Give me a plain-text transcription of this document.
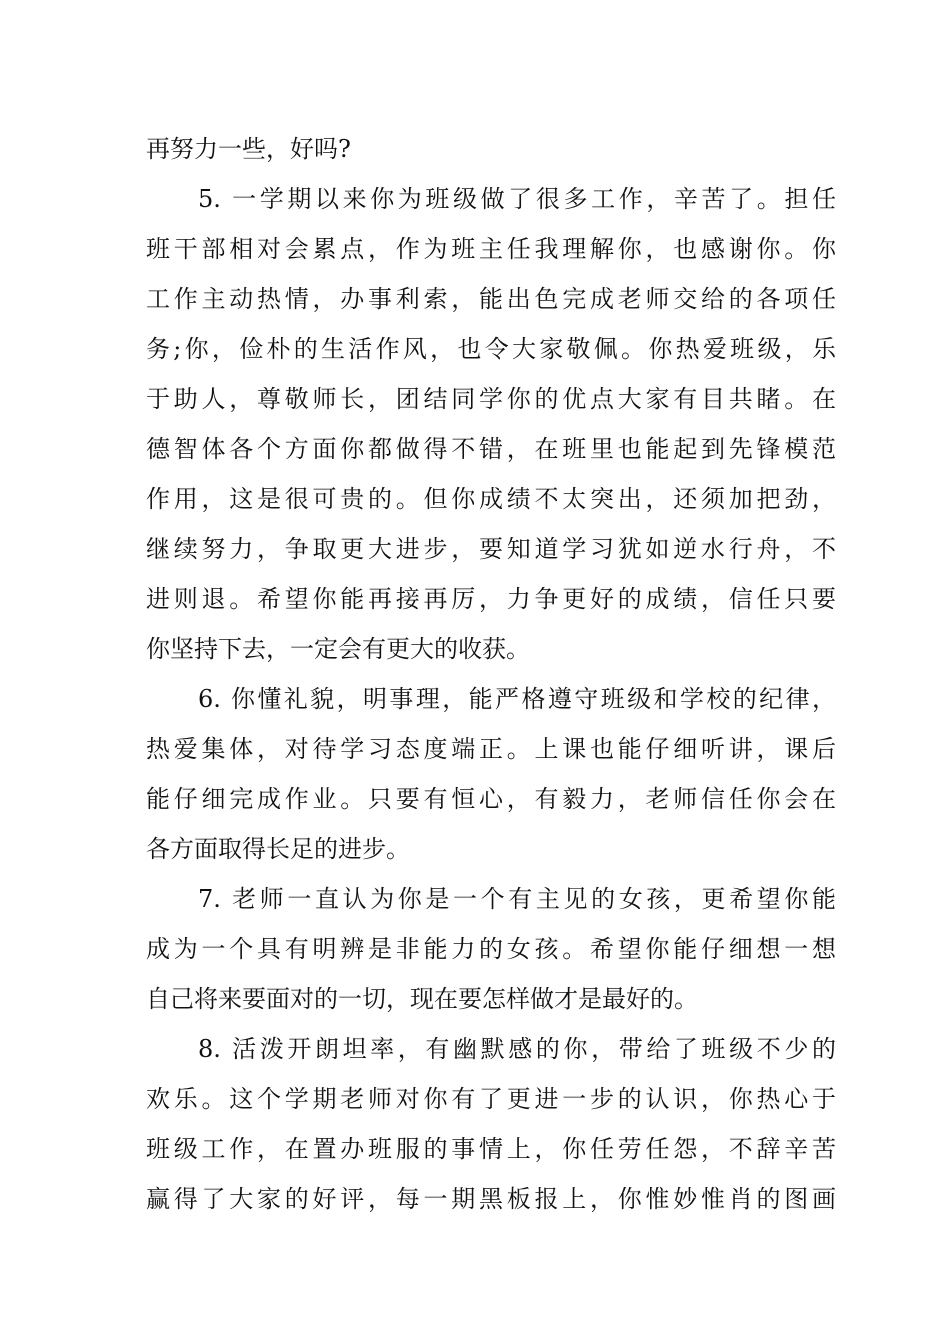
再努力一些，好吗?
5. 一学期以来你为班级做了很多工作，辛苦了。担任
班干部相对会累点，作为班主任我理解你，也感谢你。你
工作主动热情，办事利索，能出色完成老师交给的各项任
务;你，俭朴的生活作风，也令大家敬佩。你热爱班级，乐
于助人，尊敬师长，团结同学你的优点大家有目共睹。在
德智体各个方面你都做得不错，在班里也能起到先锋模范
作用，这是很可贵的。但你成绩不太突出，还须加把劲，
继续努力，争取更大进步，要知道学习犹如逆水行舟，不
进则退。希望你能再接再厉，力争更好的成绩，信任只要
你坚持下去，一定会有更大的收获。
6. 你懂礼貌，明事理，能严格遵守班级和学校的纪律，
热爱集体，对待学习态度端正。上课也能仔细听讲，课后
能仔细完成作业。只要有恒心，有毅力，老师信任你会在
各方面取得长足的进步。
7. 老师一直认为你是一个有主见的女孩，更希望你能
成为一个具有明辨是非能力的女孩。希望你能仔细想一想
自己将来要面对的一切，现在要怎样做才是最好的。
8. 活泼开朗坦率，有幽默感的你，带给了班级不少的
欢乐。这个学期老师对你有了更进一步的认识，你热心于
班级工作，在置办班服的事情上，你任劳任怨，不辞辛苦
赢得了大家的好评，每一期黑板报上，你惟妙惟肖的图画
